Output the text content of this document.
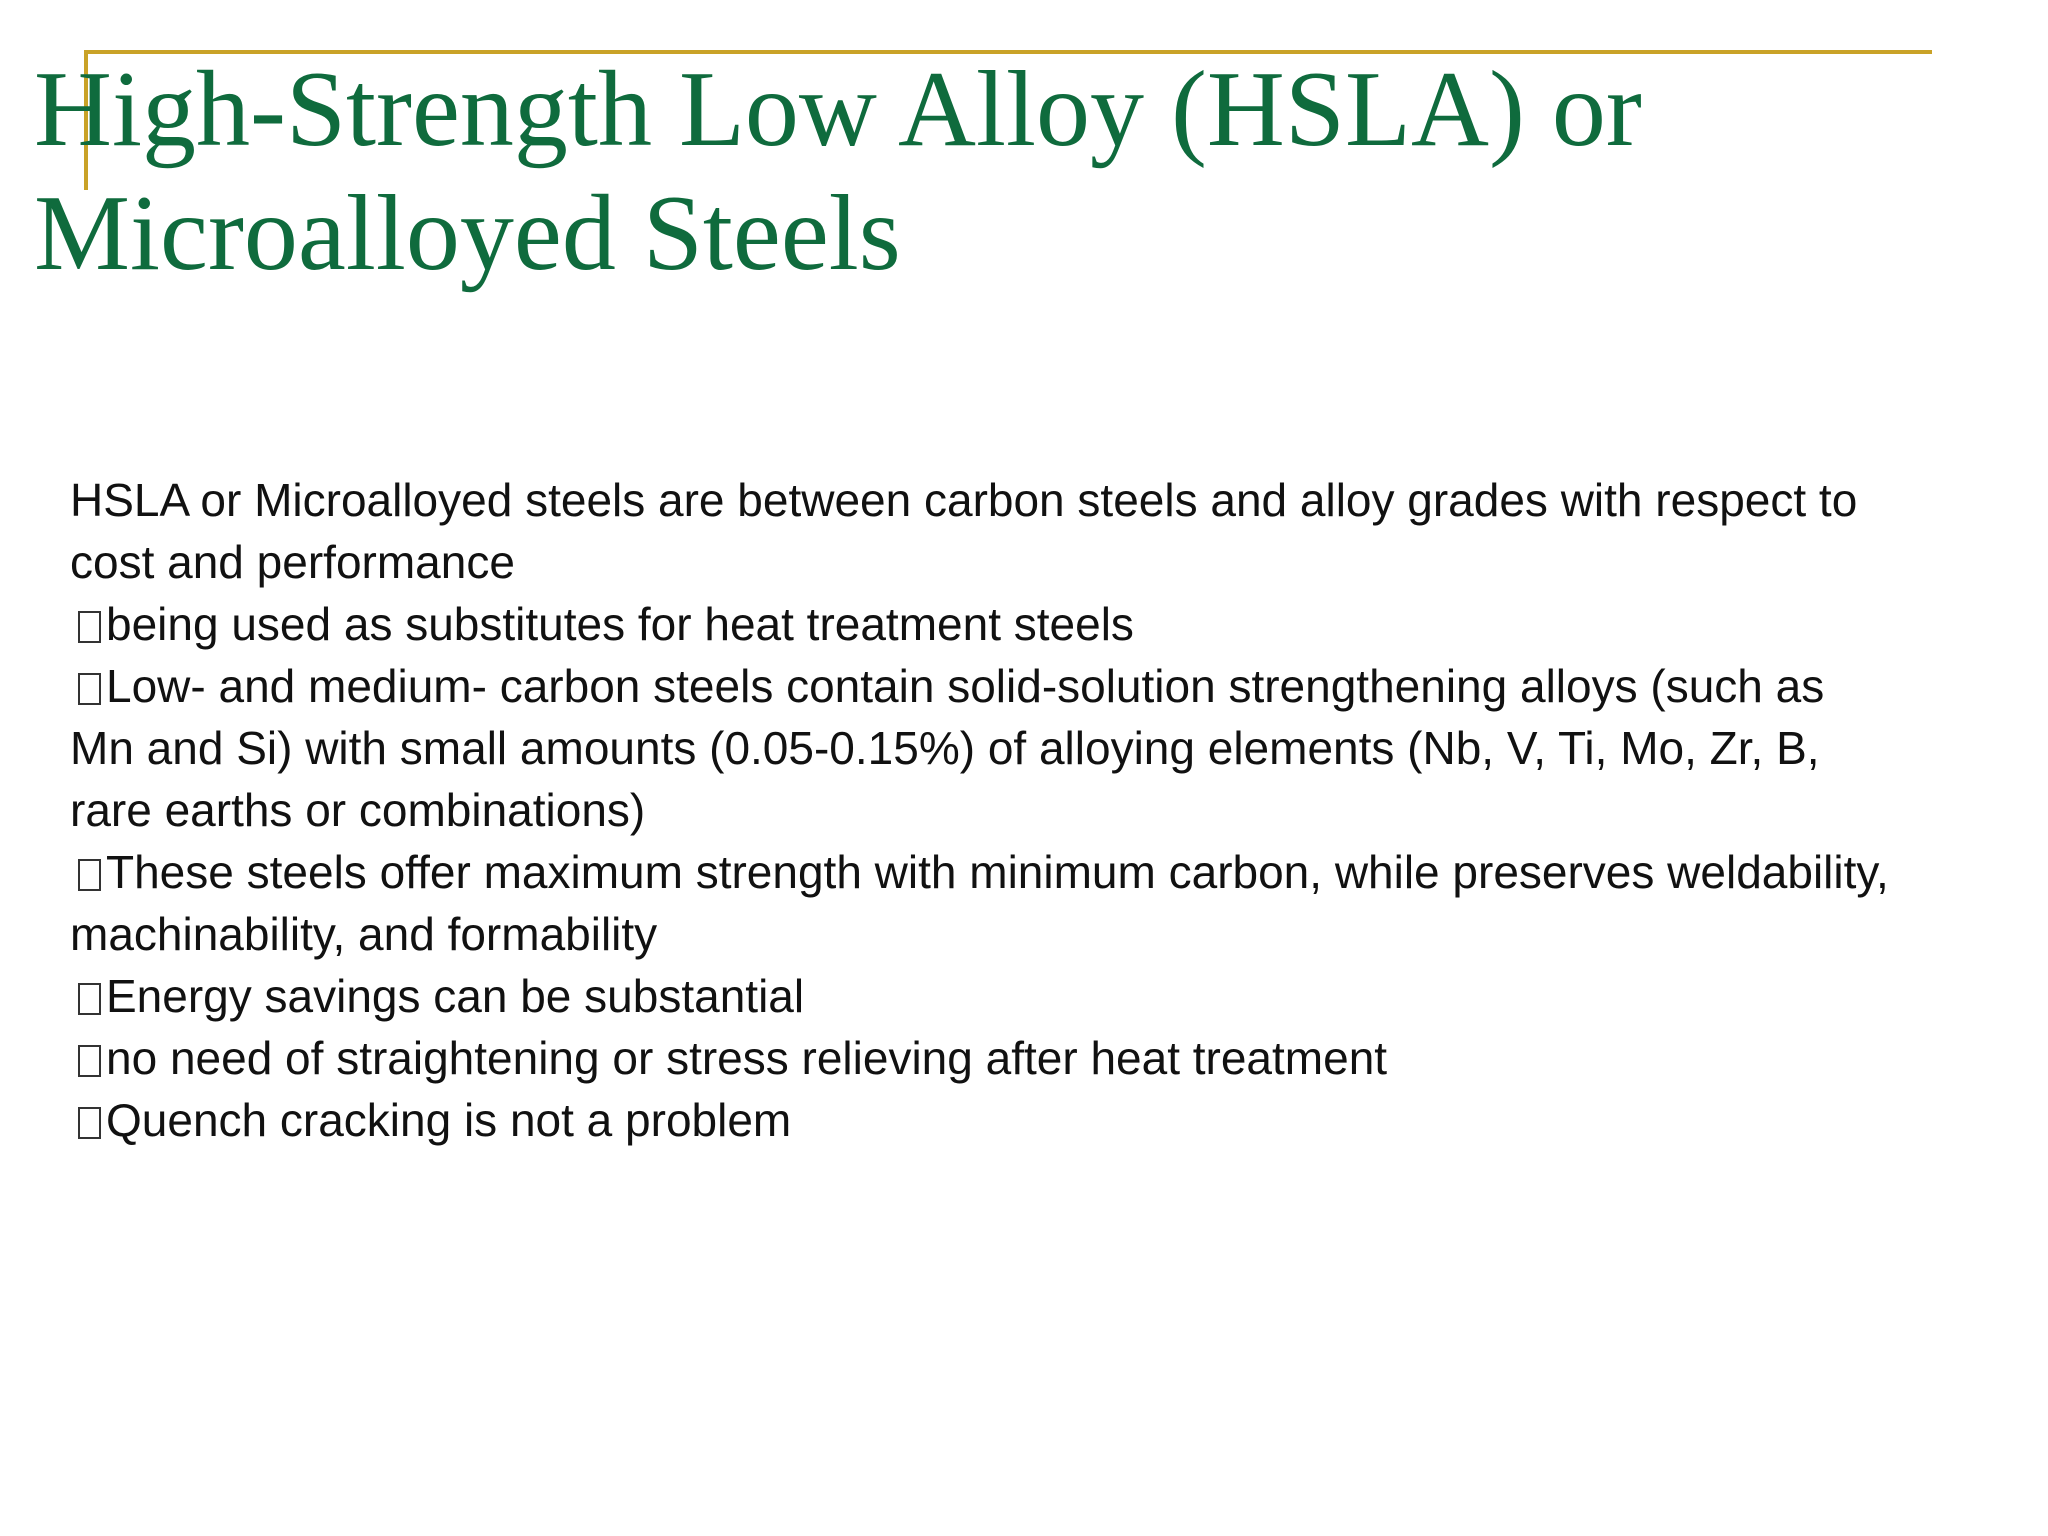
High-Strength Low Alloy (HSLA) or
Microalloyed Steels

HSLA or Microalloyed steels are between carbon steels and alloy grades with respect to cost and performance

being used as substitutes for heat treatment steels

Low- and medium- carbon steels contain solid-solution strengthening alloys (such as Mn and Si) with small amounts (0.05-0.15%) of alloying elements (Nb, V, Ti, Mo, Zr, B, rare earths or combinations)

These steels offer maximum strength with minimum carbon, while preserves weldability, machinability, and formability

Energy savings can be substantial

no need of straightening or stress relieving after heat treatment

Quench cracking is not a problem
